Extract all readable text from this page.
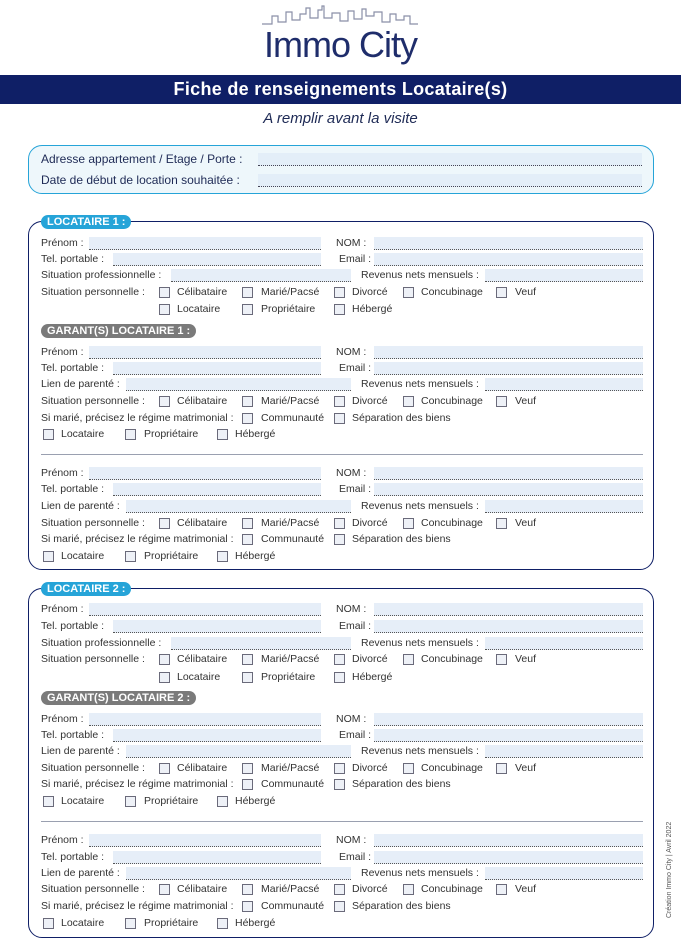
Immo City
Fiche de renseignements Locataire(s)
A remplir avant la visite
Adresse appartement / Etage / Porte :
Date de début de location souhaitée :
LOCATAIRE 1 :
Prénom :	NOM :
Tel. portable :	Email :
Situation professionnelle :	Revenus nets mensuels :
Situation personnelle :	Célibataire	Marié/Pacsé	Divorcé	Concubinage	Veuf
Locataire	Propriétaire	Hébergé
GARANT(S) LOCATAIRE 1 :
Prénom :	NOM :
Tel. portable :	Email :
Lien de parenté :	Revenus nets mensuels :
Situation personnelle :	Célibataire	Marié/Pacsé	Divorcé	Concubinage	Veuf
Si marié, précisez le régime matrimonial :	Communauté	Séparation des biens
Locataire	Propriétaire	Hébergé
Prénom :	NOM :
Tel. portable :	Email :
Lien de parenté :	Revenus nets mensuels :
Situation personnelle :	Célibataire	Marié/Pacsé	Divorcé	Concubinage	Veuf
Si marié, précisez le régime matrimonial :	Communauté	Séparation des biens
Locataire	Propriétaire	Hébergé
LOCATAIRE 2 :
Prénom :	NOM :
Tel. portable :	Email :
Situation professionnelle :	Revenus nets mensuels :
Situation personnelle :	Célibataire	Marié/Pacsé	Divorcé	Concubinage	Veuf
Locataire	Propriétaire	Hébergé
GARANT(S) LOCATAIRE 2 :
Prénom :	NOM :
Tel. portable :	Email :
Lien de parenté :	Revenus nets mensuels :
Situation personnelle :	Célibataire	Marié/Pacsé	Divorcé	Concubinage	Veuf
Si marié, précisez le régime matrimonial :	Communauté	Séparation des biens
Locataire	Propriétaire	Hébergé
Prénom :	NOM :
Tel. portable :	Email :
Lien de parenté :	Revenus nets mensuels :
Situation personnelle :	Célibataire	Marié/Pacsé	Divorcé	Concubinage	Veuf
Si marié, précisez le régime matrimonial :	Communauté	Séparation des biens
Locataire	Propriétaire	Hébergé
Création Immo City | Avril 2022
